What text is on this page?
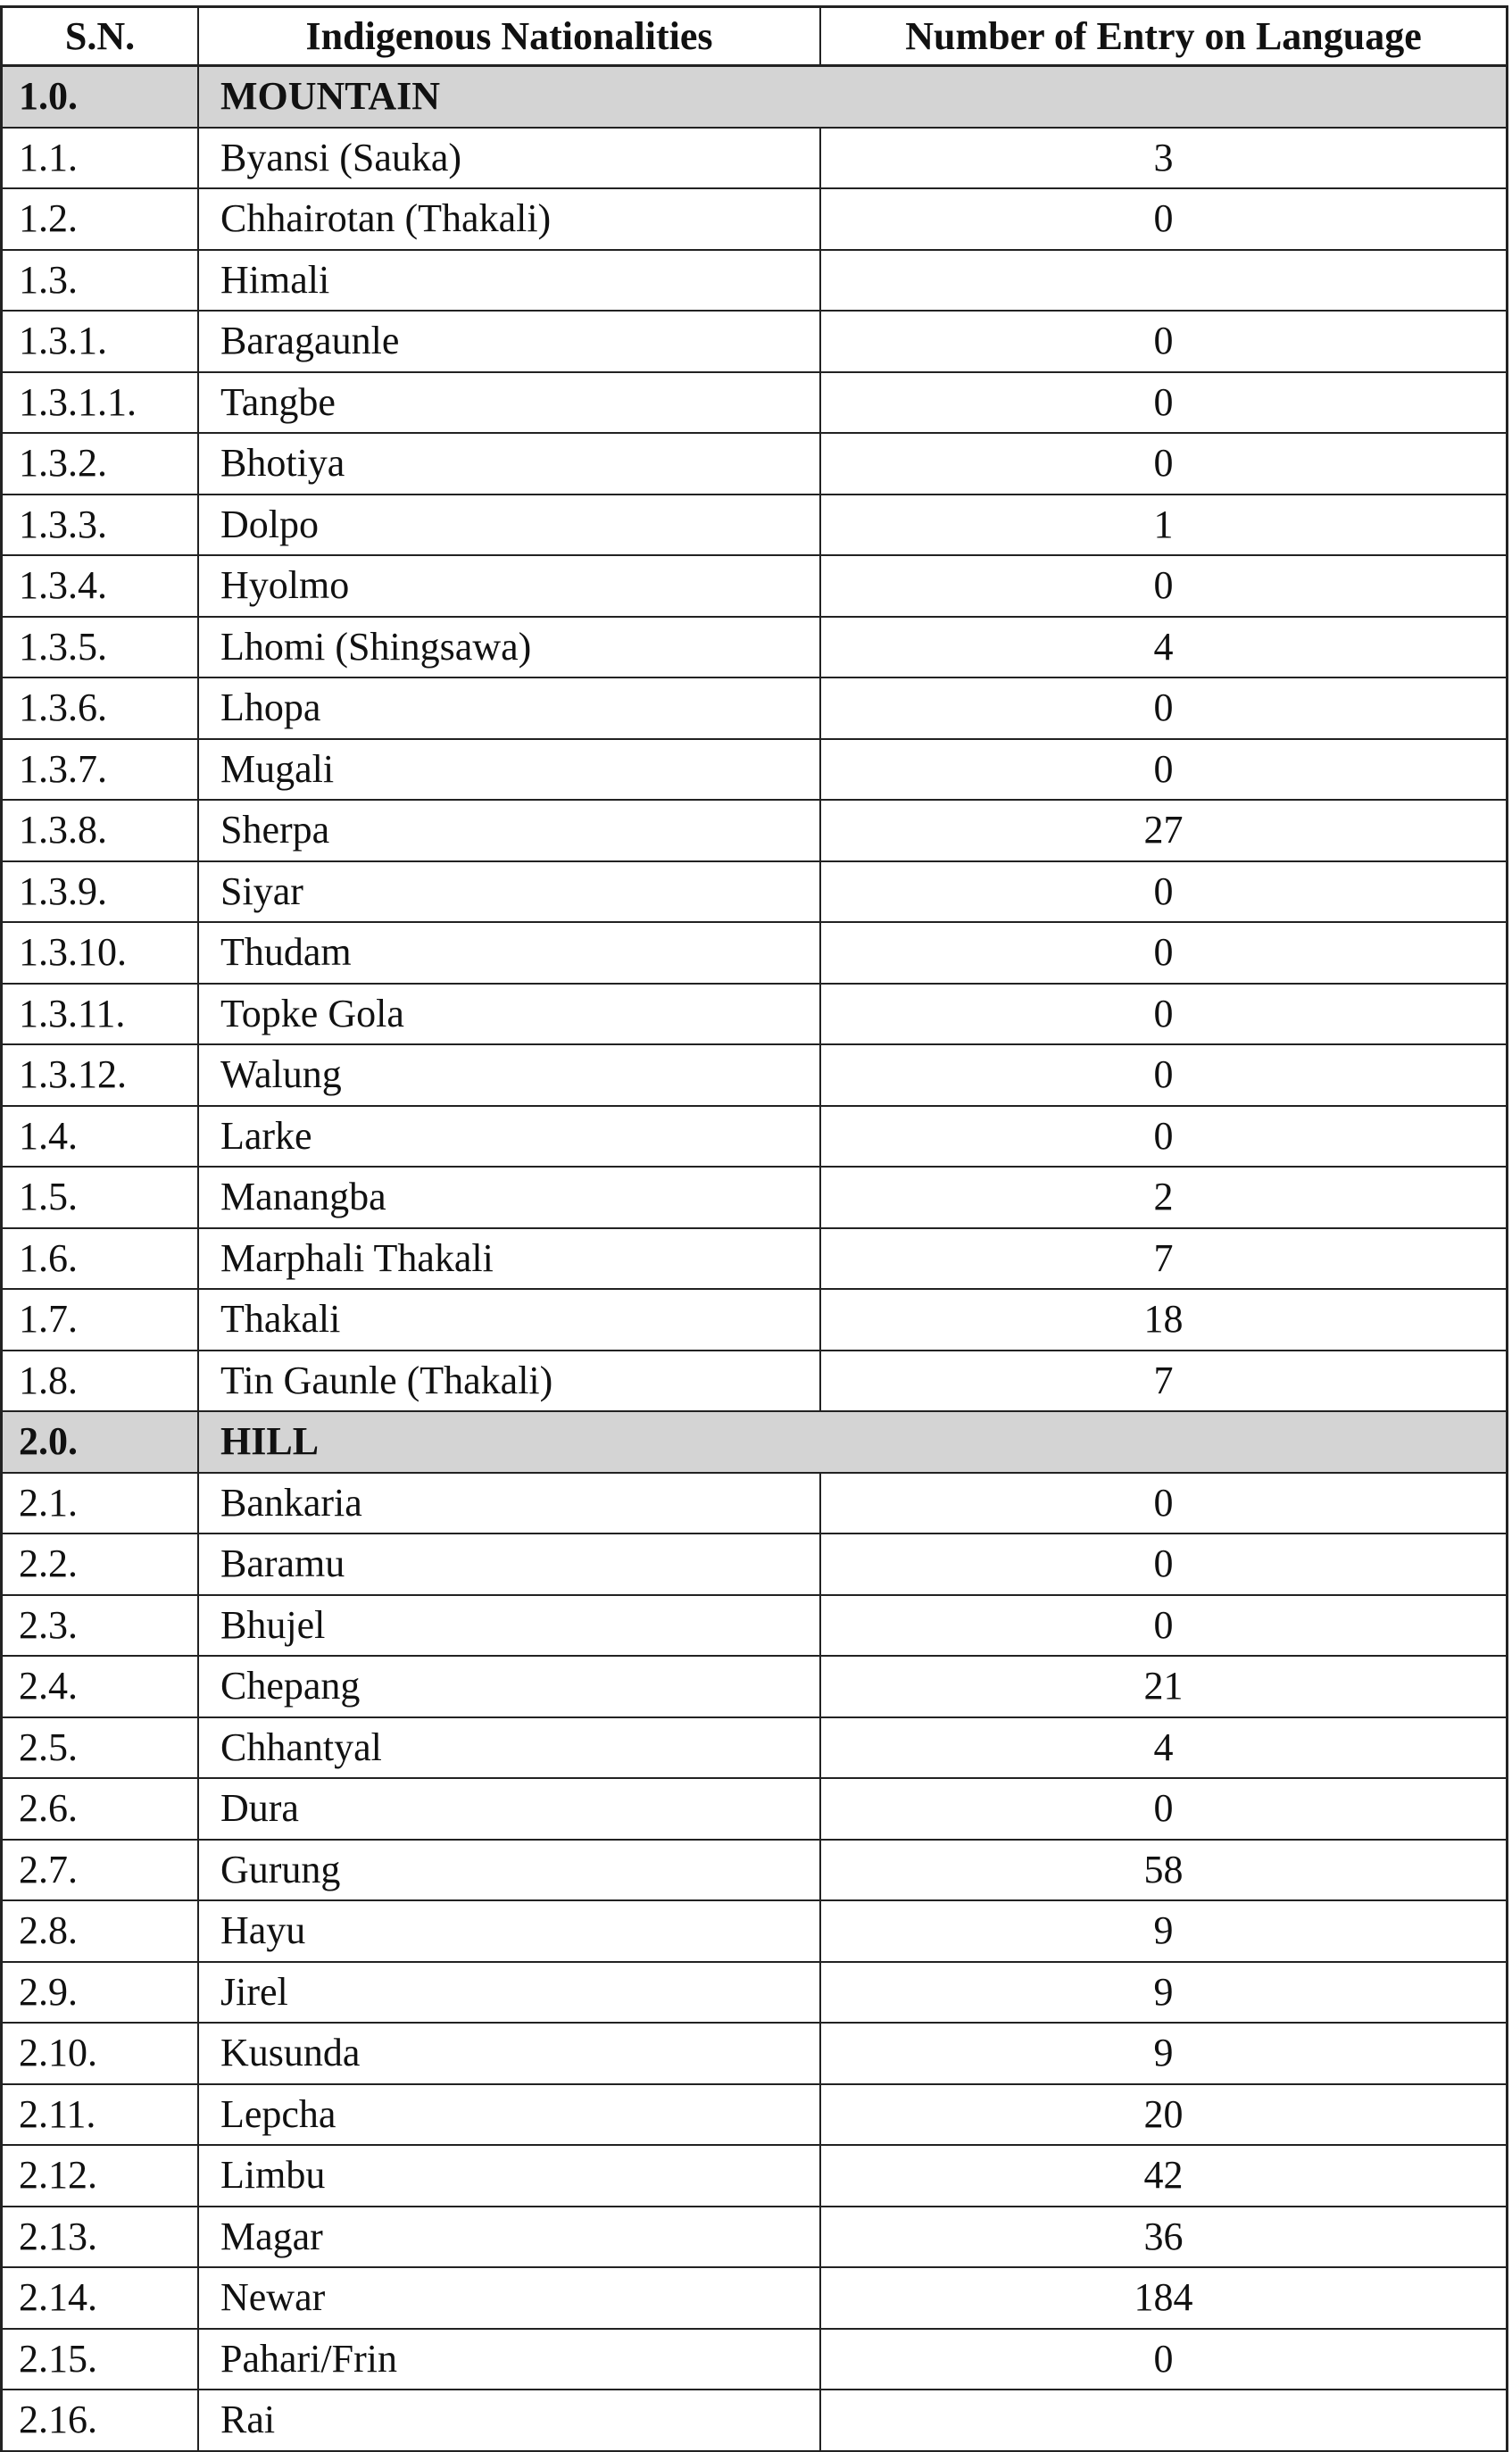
S.N.	Indigenous Nationalities	Number of Entry on Language
1.0.	MOUNTAIN
1.1.	Byansi (Sauka)	3
1.2.	Chhairotan (Thakali)	0
1.3.	Himali
1.3.1.	Baragaunle	0
1.3.1.1.	Tangbe	0
1.3.2.	Bhotiya	0
1.3.3.	Dolpo	1
1.3.4.	Hyolmo	0
1.3.5.	Lhomi (Shingsawa)	4
1.3.6.	Lhopa	0
1.3.7.	Mugali	0
1.3.8.	Sherpa	27
1.3.9.	Siyar	0
1.3.10.	Thudam	0
1.3.11.	Topke Gola	0
1.3.12.	Walung	0
1.4.	Larke	0
1.5.	Manangba	2
1.6.	Marphali Thakali	7
1.7.	Thakali	18
1.8.	Tin Gaunle (Thakali)	7
2.0.	HILL
2.1.	Bankaria	0
2.2.	Baramu	0
2.3.	Bhujel	0
2.4.	Chepang	21
2.5.	Chhantyal	4
2.6.	Dura	0
2.7.	Gurung	58
2.8.	Hayu	9
2.9.	Jirel	9
2.10.	Kusunda	9
2.11.	Lepcha	20
2.12.	Limbu	42
2.13.	Magar	36
2.14.	Newar	184
2.15.	Pahari/Frin	0
2.16.	Rai
